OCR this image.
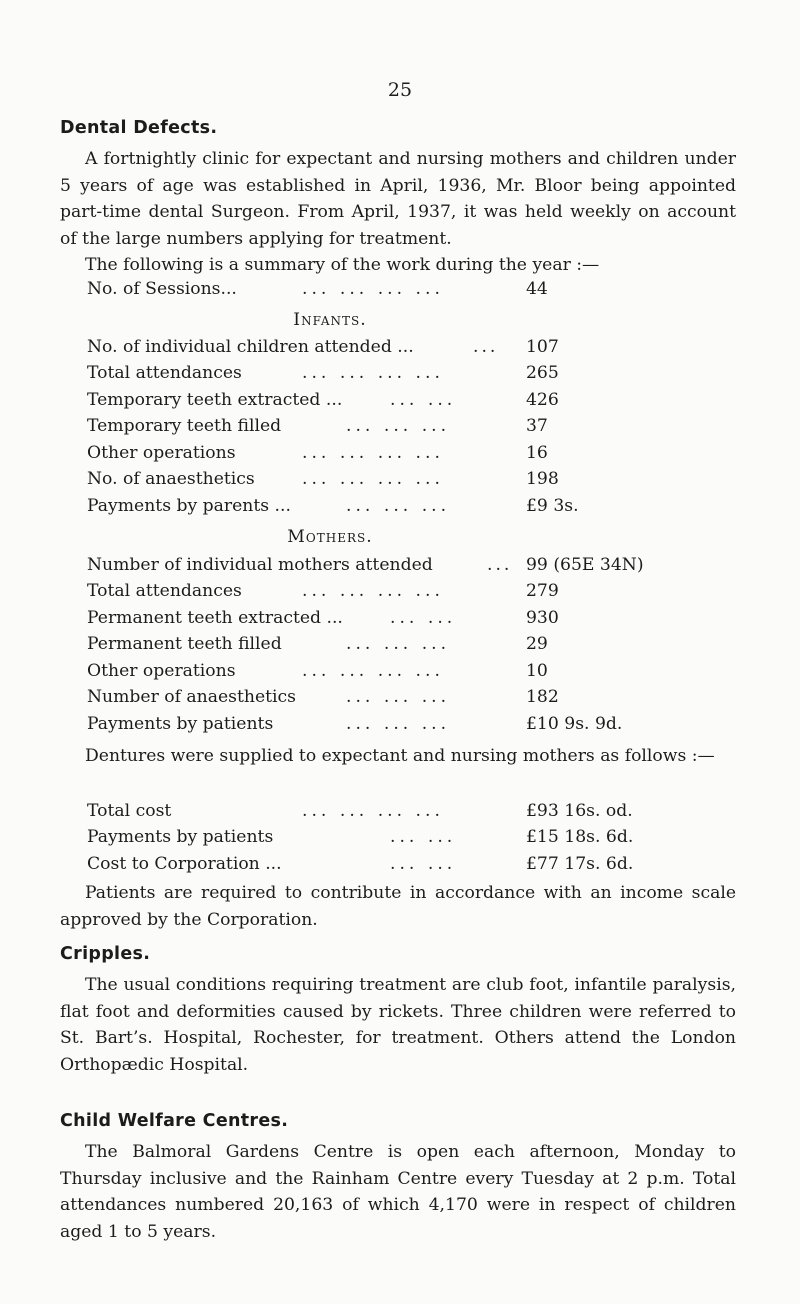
25
Dental Defects.

A fortnightly clinic for expectant and nursing mothers and children under 5 years of age was established in April, 1936, Mr. Bloor being appointed part-time dental Surgeon. From April, 1937, it was held weekly on account of the large numbers applying for treatment.

The following is a summary of the work during the year :—

No. of Sessions...	... ... ... ...	44
Infants.
No. of individual children attended ...	... 107
Total attendances	... ... ... ...	265
Temporary teeth extracted ...	... ...	426
Temporary teeth filled	... ... ...	37
Other operations	... ... ... ...	16
No. of anaesthetics	... ... ... ...	198
Payments by parents ...	... ... ...	£9 3s.
Mothers.
Number of individual mothers attended	... 99 (65E 34N)
Total attendances	... ... ... ...	279
Permanent teeth extracted ...	... ...	930
Permanent teeth filled	... ... ...	29
Other operations	... ... ... ...	10
Number of anaesthetics	... ... ...	182
Payments by patients	... ... ...	£10 9s. 9d.

Dentures were supplied to expectant and nursing mothers as follows :—

Total cost	... ... ... ...	£93 16s. od.
Payments by patients	... ...	£15 18s. 6d.
Cost to Corporation ...	... ...	£77 17s. 6d.

Patients are required to contribute in accordance with an income scale approved by the Corporation.

Cripples.

The usual conditions requiring treatment are club foot, infantile paralysis, flat foot and deformities caused by rickets. Three children were referred to St. Bart’s. Hospital, Rochester, for treatment. Others attend the London Orthopædic Hospital.

Child Welfare Centres.

The Balmoral Gardens Centre is open each afternoon, Monday to Thursday inclusive and the Rainham Centre every Tuesday at 2 p.m. Total attendances numbered 20,163 of which 4,170 were in respect of children aged 1 to 5 years.
